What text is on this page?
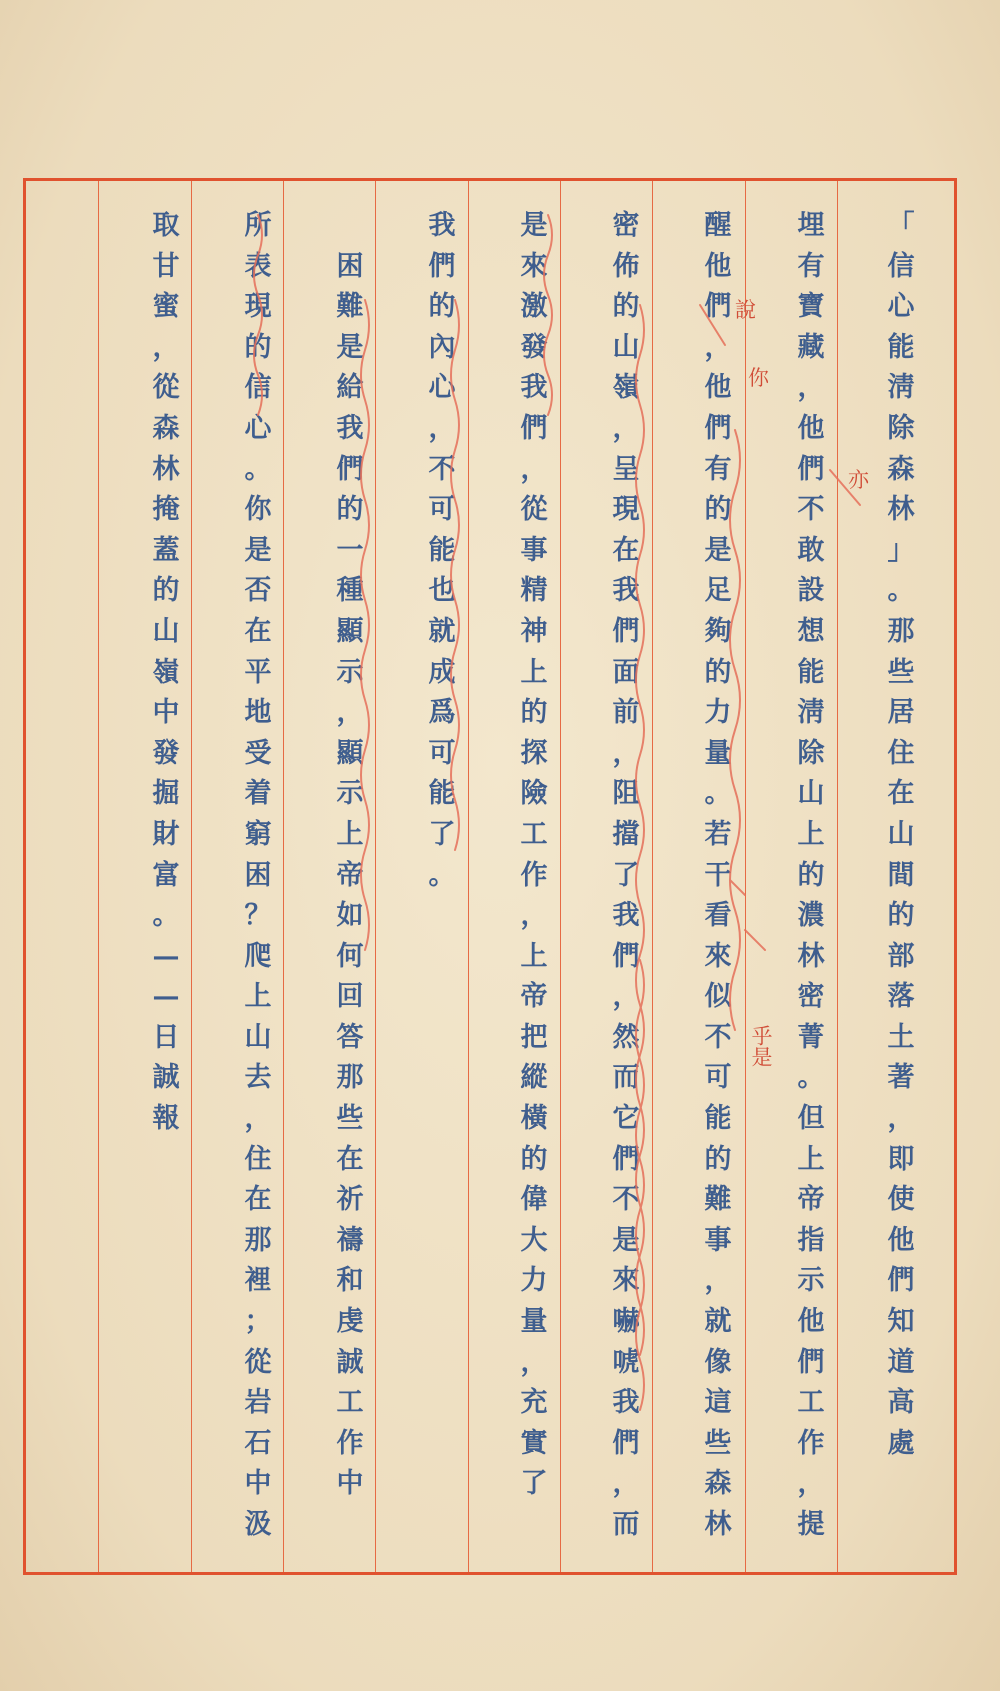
「
信
心
能
淸
除
森
林
」
。
那
些
居
住
在
山
間
的
部
落
土
著
，
即
使
他
們
知
道
高
處
埋
有
寶
藏
，
他
們
不
敢
設
想
能
淸
除
山
上
的
濃
林
密
菁
。
但
上
帝
指
示
他
們
工
作
，
提
醒
他
們
，
他
們
有
的
是
足
夠
的
力
量
。
若
干
看
來
似
不
可
能
的
難
事
，
就
像
這
些
森
林
密
佈
的
山
嶺
，
呈
現
在
我
們
面
前
，
阻
擋
了
我
們
，
然
而
它
們
不
是
來
嚇
唬
我
們
，
而
是
來
激
發
我
們
，
從
事
精
神
上
的
探
險
工
作
，
上
帝
把
縱
橫
的
偉
大
力
量
，
充
實
了
我
們
的
內
心
，
不
可
能
也
就
成
爲
可
能
了
。

困
難
是
給
我
們
的
一
種
顯
示
，
顯
示
上
帝
如
何
回
答
那
些
在
祈
禱
和
虔
誠
工
作
中
所
表
現
的
信
心
。
你
是
否
在
平
地
受
着
窮
困
？
爬
上
山
去
，
住
在
那
裡
；
從
岩
石
中
汲
取
甘
蜜
，
從
森
林
掩
蓋
的
山
嶺
中
發
掘
財
富
。
—
—
日
誠
報
說
你
亦
乎是
